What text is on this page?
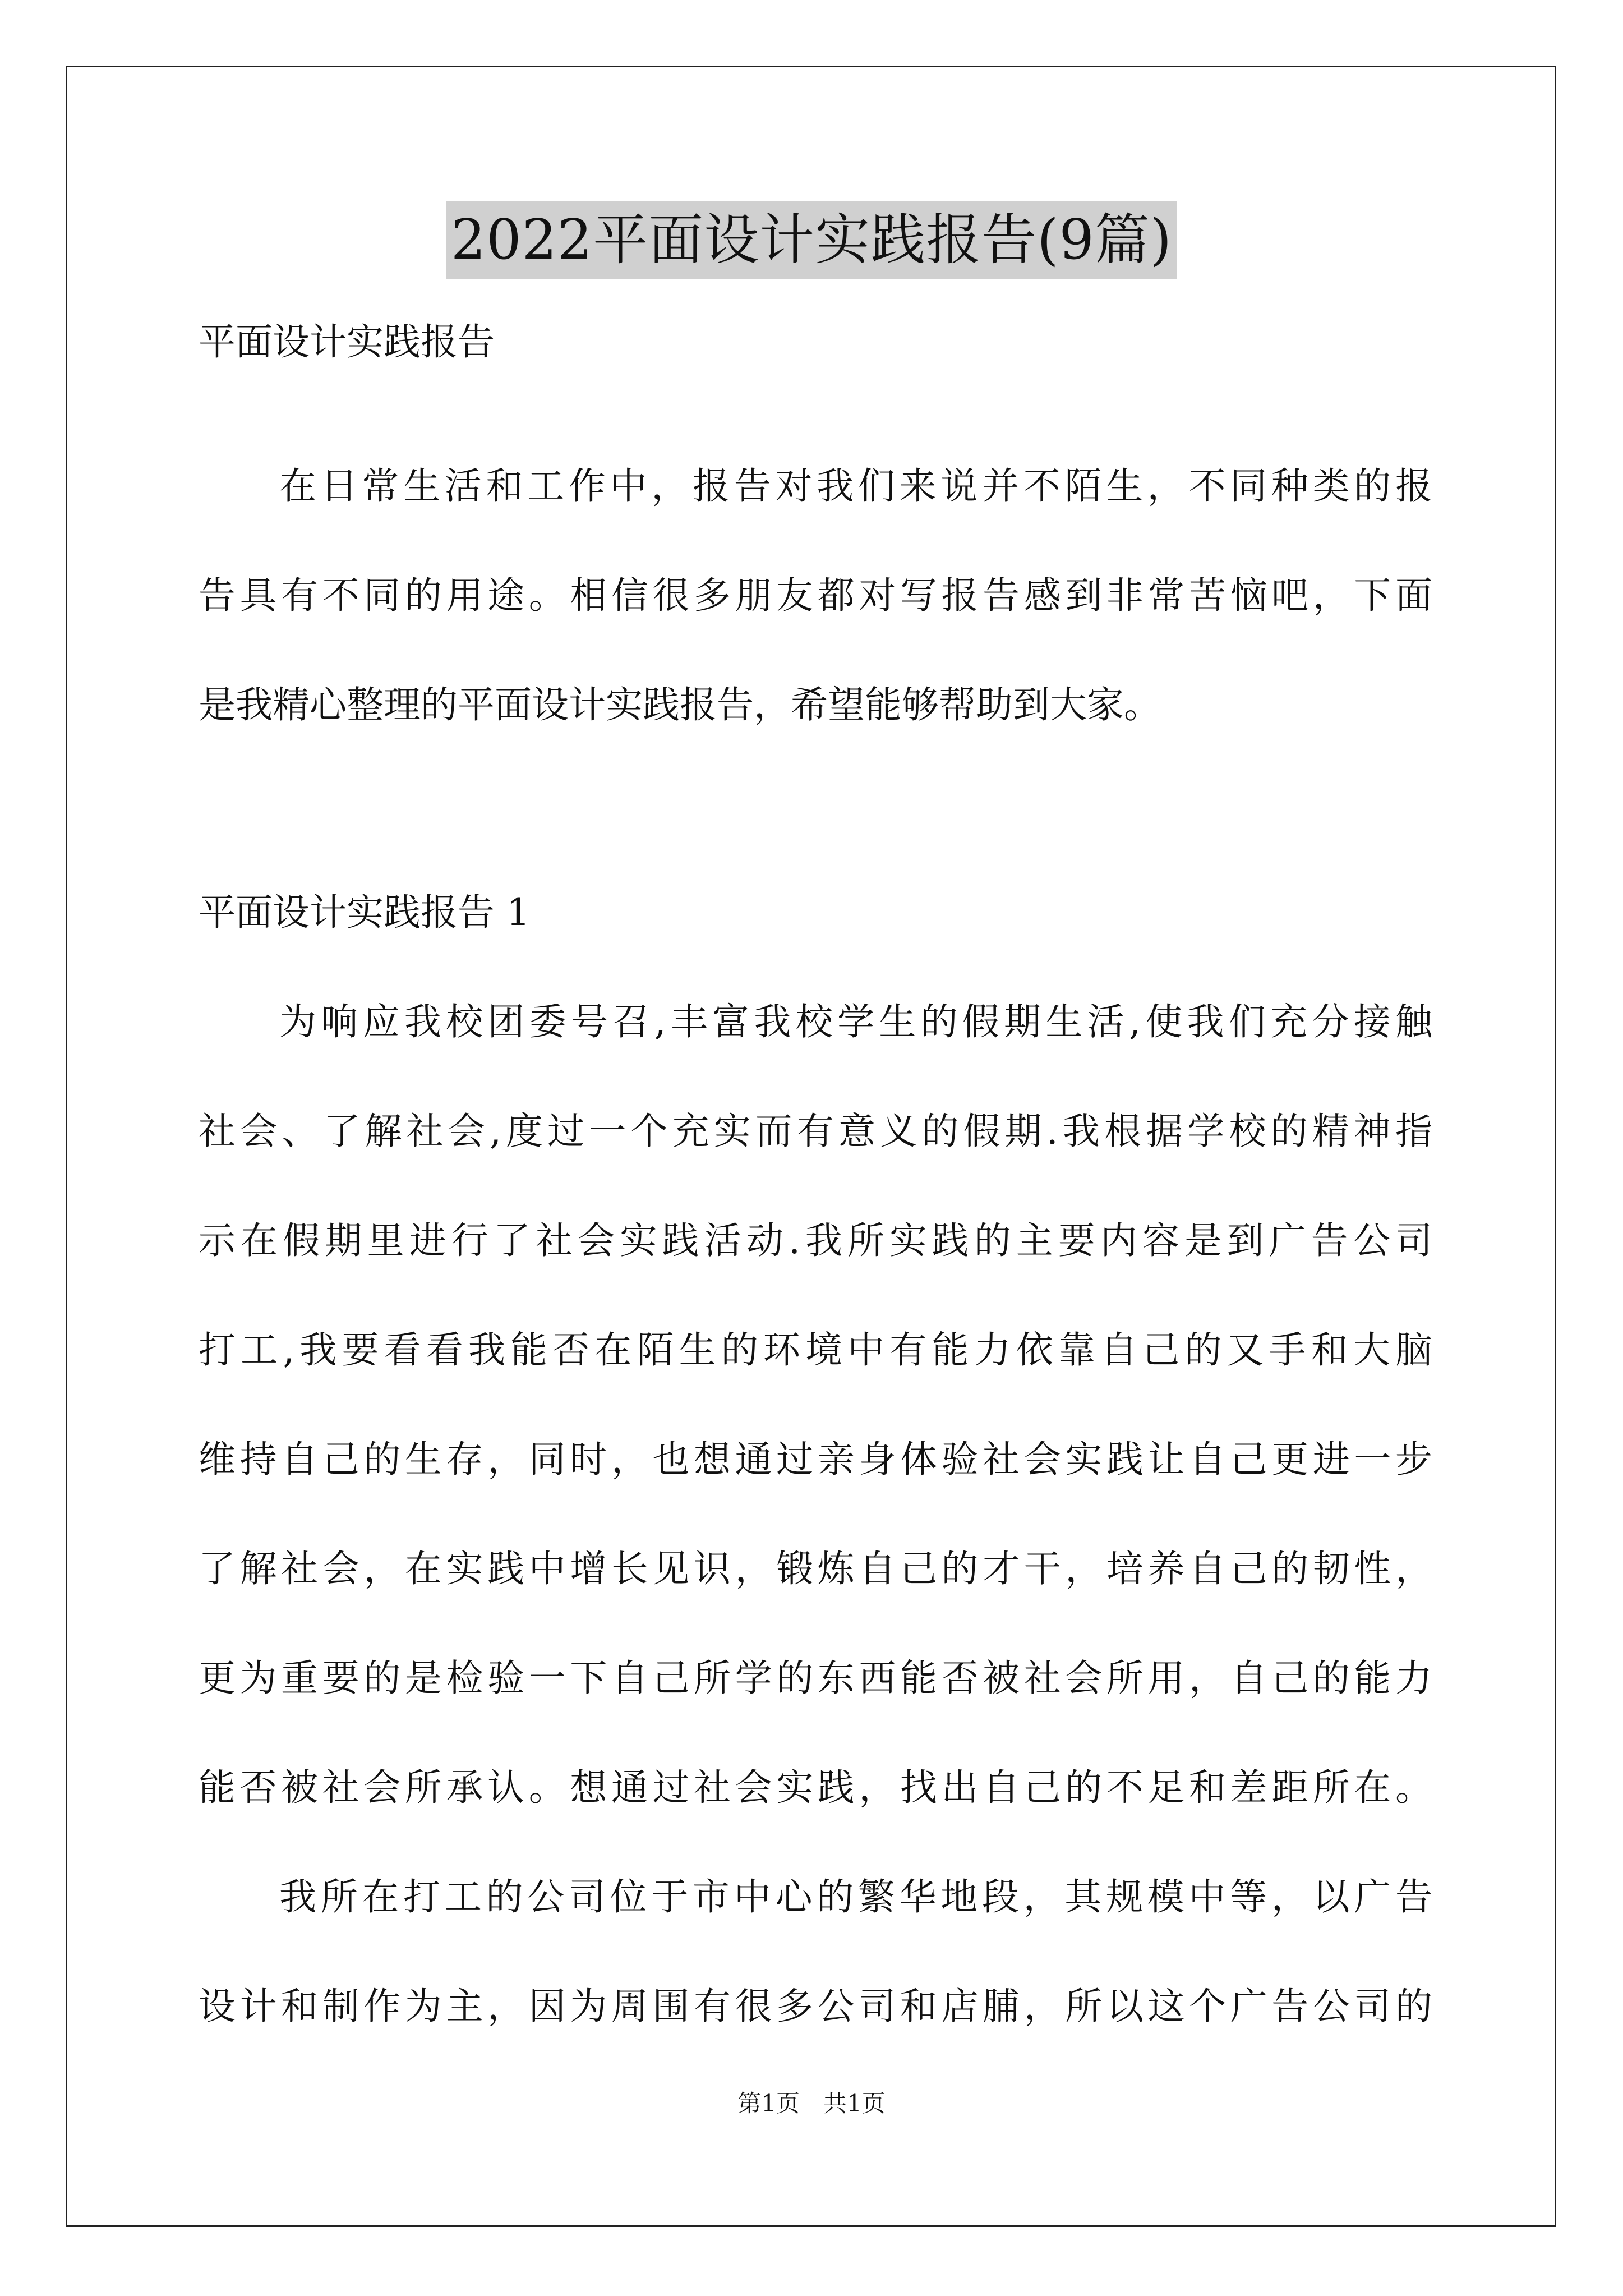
2022平面设计实践报告(9篇)
平面设计实践报告
在日常生活和工作中，报告对我们来说并不陌生，不同种类的报
告具有不同的用途。相信很多朋友都对写报告感到非常苦恼吧，下面
是我精心整理的平面设计实践报告，希望能够帮助到大家。
平面设计实践报告 1
为响应我校团委号召,丰富我校学生的假期生活,使我们充分接触
社会、了解社会,度过一个充实而有意义的假期.我根据学校的精神指
示在假期里进行了社会实践活动.我所实践的主要内容是到广告公司
打工,我要看看我能否在陌生的环境中有能力依靠自己的又手和大脑
维持自己的生存，同时，也想通过亲身体验社会实践让自己更进一步
了解社会，在实践中增长见识，锻炼自己的才干，培养自己的韧性，
更为重要的是检验一下自己所学的东西能否被社会所用，自己的能力
能否被社会所承认。想通过社会实践，找出自己的不足和差距所在。
我所在打工的公司位于市中心的繁华地段，其规模中等，以广告
设计和制作为主，因为周围有很多公司和店脯，所以这个广告公司的
第1页　共1页
